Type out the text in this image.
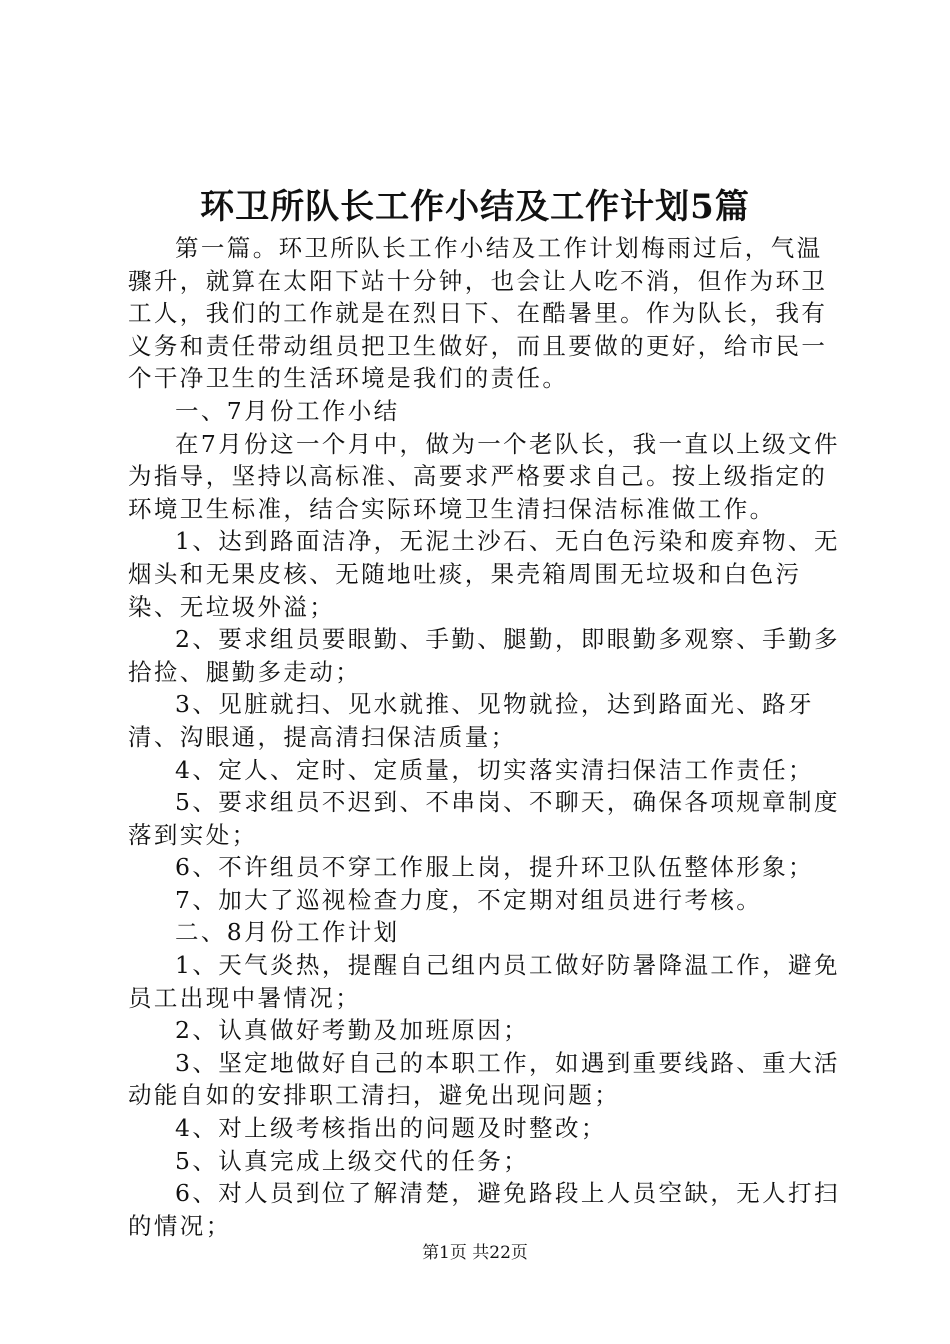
环卫所队长工作小结及工作计划5篇

第一篇。环卫所队长工作小结及工作计划梅雨过后，气温骤升，就算在太阳下站十分钟，也会让人吃不消，但作为环卫工人，我们的工作就是在烈日下、在酷暑里。作为队长，我有义务和责任带动组员把卫生做好，而且要做的更好，给市民一个干净卫生的生活环境是我们的责任。

一、7月份工作小结

在7月份这一个月中，做为一个老队长，我一直以上级文件为指导，坚持以高标准、高要求严格要求自己。按上级指定的环境卫生标准，结合实际环境卫生清扫保洁标准做工作。

1、达到路面洁净，无泥土沙石、无白色污染和废弃物、无烟头和无果皮核、无随地吐痰，果壳箱周围无垃圾和白色污染、无垃圾外溢；

2、要求组员要眼勤、手勤、腿勤，即眼勤多观察、手勤多拾捡、腿勤多走动；

3、见脏就扫、见水就推、见物就捡，达到路面光、路牙清、沟眼通，提高清扫保洁质量；

4、定人、定时、定质量，切实落实清扫保洁工作责任；

5、要求组员不迟到、不串岗、不聊天，确保各项规章制度落到实处；

6、不许组员不穿工作服上岗，提升环卫队伍整体形象；

7、加大了巡视检查力度，不定期对组员进行考核。

二、8月份工作计划

1、天气炎热，提醒自己组内员工做好防暑降温工作，避免员工出现中暑情况；

2、认真做好考勤及加班原因；

3、坚定地做好自己的本职工作，如遇到重要线路、重大活动能自如的安排职工清扫，避免出现问题；

4、对上级考核指出的问题及时整改；

5、认真完成上级交代的任务；

6、对人员到位了解清楚，避免路段上人员空缺，无人打扫的情况；

第1页 共22页
